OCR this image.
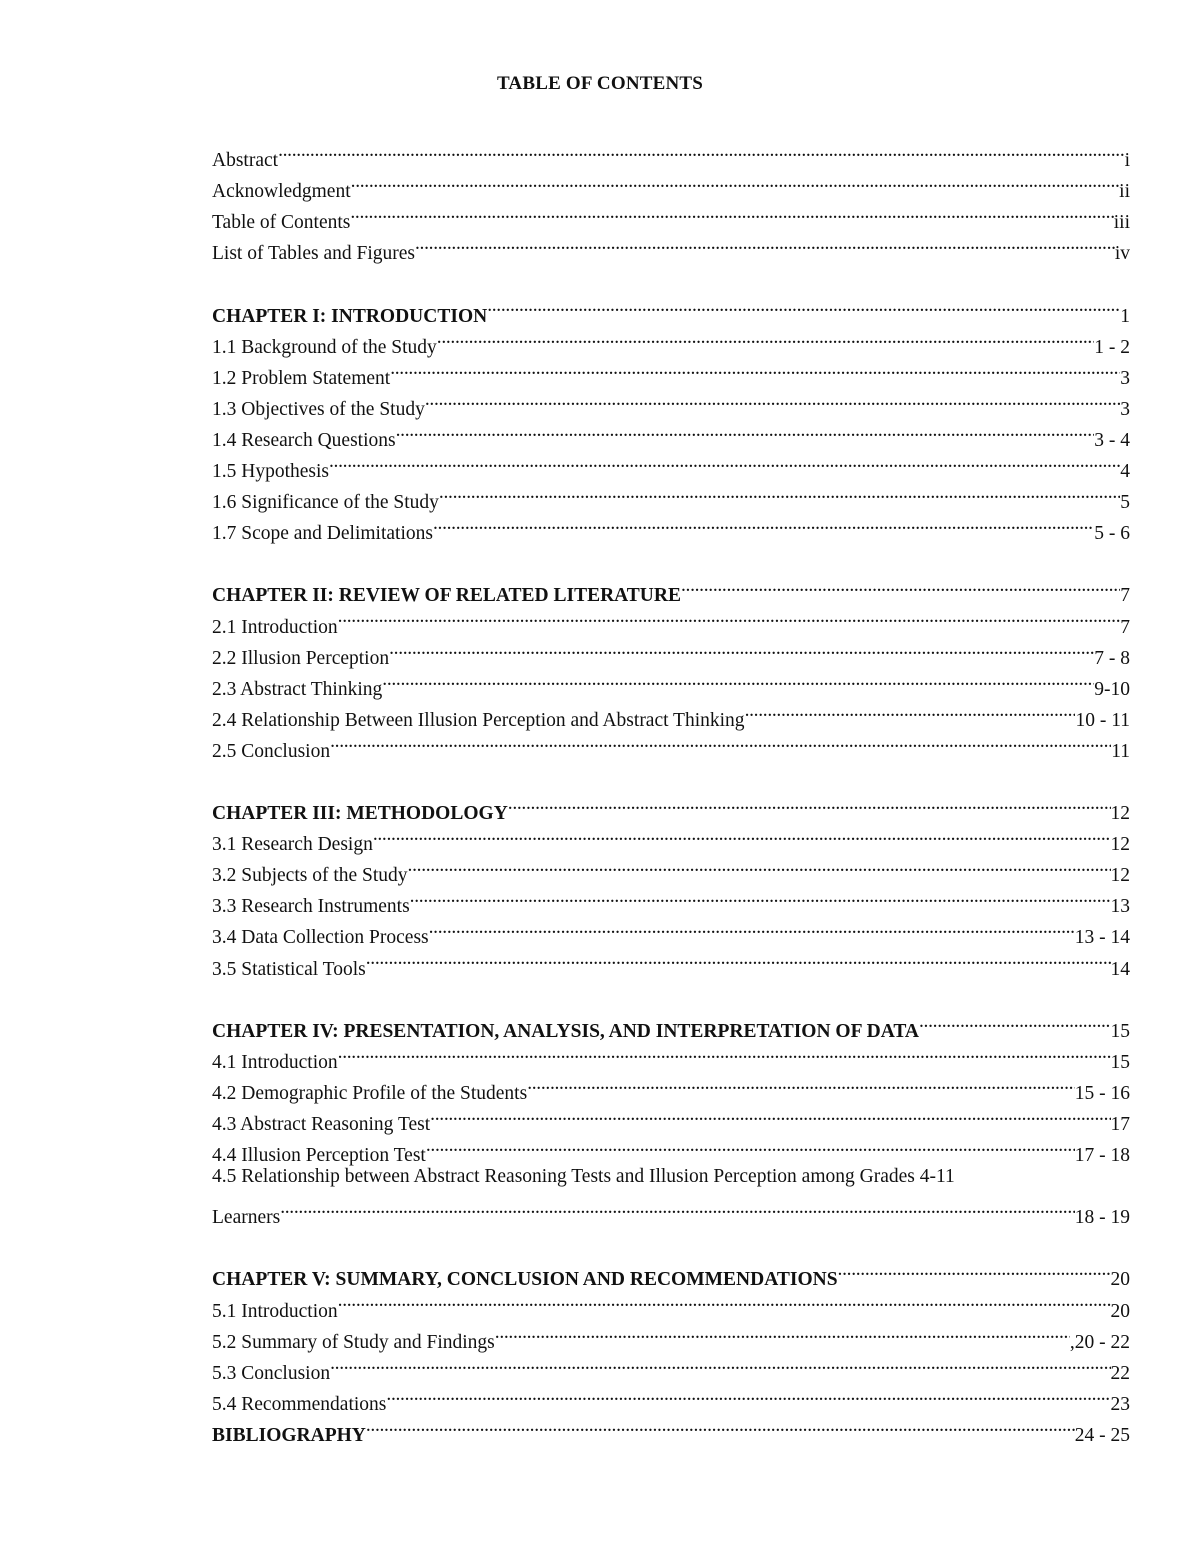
TABLE OF CONTENTS
Abstract . . .	i
Acknowledgment . . .	ii
Table of Contents . . .	iii
List of Tables and Figures . . .	iv
CHAPTER I: INTRODUCTION . . .	1
1.1 Background of the Study . . .	1 - 2
1.2 Problem Statement . . .	3
1.3 Objectives of the Study . . .	3
1.4 Research Questions . . .	3 - 4
1.5 Hypothesis . . .	4
1.6 Significance of the Study . . .	5
1.7 Scope and Delimitations . . .	5 - 6
CHAPTER II: REVIEW OF RELATED LITERATURE . . .	7
2.1 Introduction . . .	7
2.2 Illusion Perception . . .	7 - 8
2.3 Abstract Thinking . . .	9-10
2.4 Relationship Between Illusion Perception and Abstract Thinking . . .	10 - 11
2.5 Conclusion . . .	11
CHAPTER III: METHODOLOGY . . .	12
3.1 Research Design . . .	12
3.2 Subjects of the Study . . .	12
3.3 Research Instruments . . .	13
3.4 Data Collection Process . . .	13 - 14
3.5 Statistical Tools . . .	14
CHAPTER IV: PRESENTATION, ANALYSIS, AND INTERPRETATION OF DATA . . .	15
4.1 Introduction . . .	15
4.2 Demographic Profile of the Students . . .	15 - 16
4.3 Abstract Reasoning Test . . .	17
4.4 Illusion Perception Test . . .	17 - 18
4.5 Relationship between Abstract Reasoning Tests and Illusion Perception among Grades 4-11
Learners . . .	18 - 19
CHAPTER V: SUMMARY, CONCLUSION AND RECOMMENDATIONS . . .	20
5.1 Introduction . . .	20
5.2 Summary of Study and Findings . . .	,20 - 22
5.3 Conclusion . . .	22
5.4 Recommendations . . .	23
BIBLIOGRAPHY . . .	24 - 25
